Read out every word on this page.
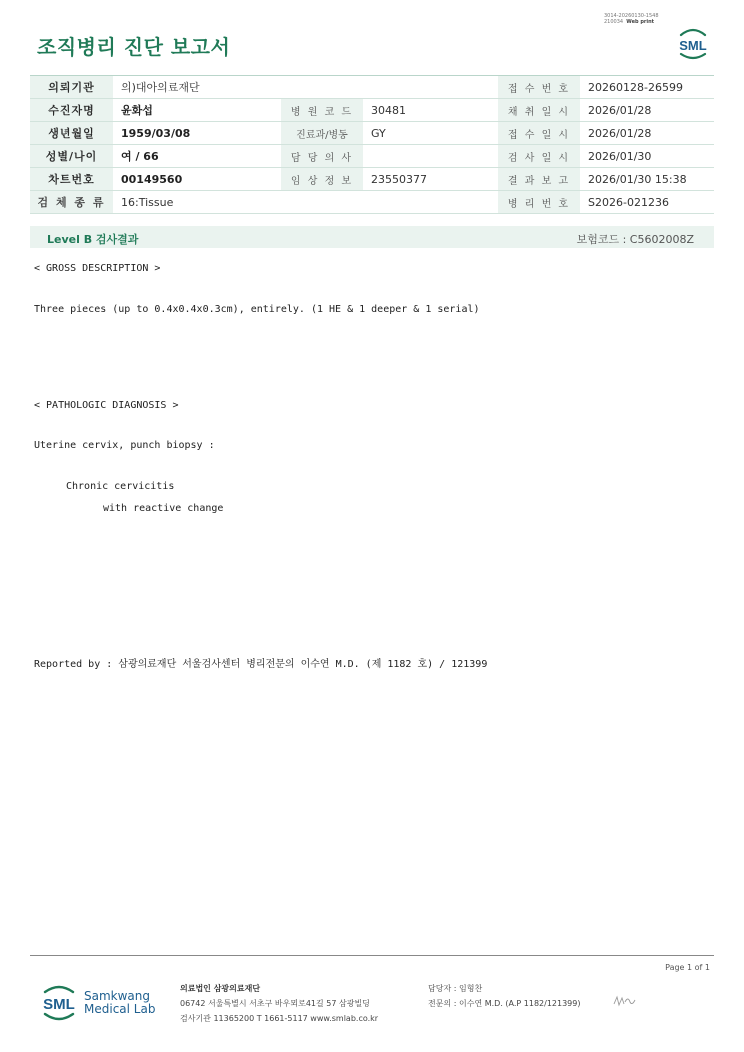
3014-20260130-1548
210034 Web print
조직병리 진단 보고서	SML
의뢰기관	의)대아의료재단			접 수 번 호	20260128-26599
수진자명	윤화섭	병 원 코 드	30481	채 취 일 시	2026/01/28
생년월일	1959/03/08	진료과/병동	GY	접 수 일 시	2026/01/28
성별/나이	여 / 66	담 당 의 사		검 사 일 시	2026/01/30
차트번호	00149560	임 상 정 보	23550377	결 과 보 고	2026/01/30 15:38
검 체 종 류	16:Tissue			병 리 번 호	S2026-021236
Level B 검사결과	보험코드 : C5602008Z
< GROSS DESCRIPTION >
Three pieces (up to 0.4x0.4x0.3cm), entirely. (1 HE & 1 deeper & 1 serial)
< PATHOLOGIC DIAGNOSIS >
Uterine cervix, punch biopsy :
Chronic cervicitis
with reactive change
Reported by : 삼광의료재단 서울검사센터 병리전문의 이수연 M.D. (제 1182 호) / 121399
Page 1 of 1
SML Samkwang
Medical Lab
의료법인 삼광의료재단
06742 서울특별시 서초구 바우뫼로41길 57 삼광빌딩
검사기관 11365200 T 1661-5117 www.smlab.co.kr
담당자 : 임형찬
전문의 : 이수연 M.D. (A.P 1182/121399)
